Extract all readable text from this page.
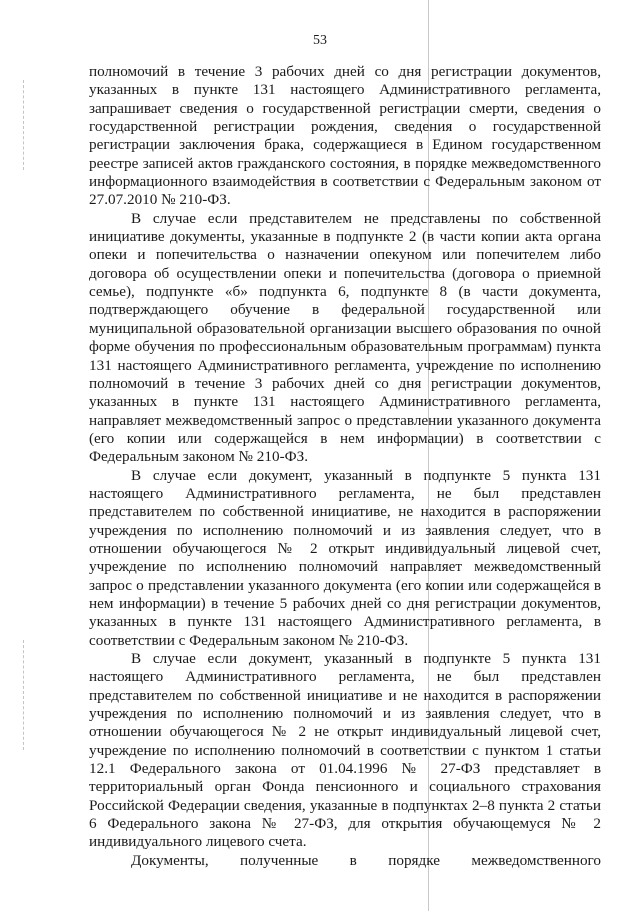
53

полномочий в течение 3 рабочих дней со дня регистрации документов, указанных в пункте 131 настоящего Административного регламента, запрашивает сведения о государственной регистрации смерти, сведения о государственной регистрации рождения, сведения о государственной регистрации заключения брака, содержащиеся в Едином государственном реестре записей актов гражданского состояния, в порядке межведомственного информационного взаимодействия в соответствии с Федеральным законом от 27.07.2010 № 210-ФЗ.

В случае если представителем не представлены по собственной инициативе документы, указанные в подпункте 2 (в части копии акта органа опеки и попечительства о назначении опекуном или попечителем либо договора об осуществлении опеки и попечительства (договора о приемной семье), подпункте «б» подпункта 6, подпункте 8 (в части документа, подтверждающего обучение в федеральной государственной или муниципальной образовательной организации высшего образования по очной форме обучения по профессиональным образовательным программам) пункта 131 настоящего Административного регламента, учреждение по исполнению полномочий в течение 3 рабочих дней со дня регистрации документов, указанных в пункте 131 настоящего Административного регламента, направляет межведомственный запрос о представлении указанного документа (его копии или содержащейся в нем информации) в соответствии с Федеральным законом № 210-ФЗ.

В случае если документ, указанный в подпункте 5 пункта 131 настоящего Административного регламента, не был представлен представителем по собственной инициативе, не находится в распоряжении учреждения по исполнению полномочий и из заявления следует, что в отношении обучающегося № 2 открыт индивидуальный лицевой счет, учреждение по исполнению полномочий направляет межведомственный запрос о представлении указанного документа (его копии или содержащейся в нем информации) в течение 5 рабочих дней со дня регистрации документов, указанных в пункте 131 настоящего Административного регламента, в соответствии с Федеральным законом № 210-ФЗ.

В случае если документ, указанный в подпункте 5 пункта 131 настоящего Административного регламента, не был представлен представителем по собственной инициативе и не находится в распоряжении учреждения по исполнению полномочий и из заявления следует, что в отношении обучающегося № 2 не открыт индивидуальный лицевой счет, учреждение по исполнению полномочий в соответствии с пунктом 1 статьи 12.1 Федерального закона от 01.04.1996 № 27-ФЗ представляет в территориальный орган Фонда пенсионного и социального страхования Российской Федерации сведения, указанные в подпунктах 2–8 пункта 2 статьи 6 Федерального закона № 27-ФЗ, для открытия обучающемуся № 2 индивидуального лицевого счета.

Документы, полученные в порядке межведомственного
